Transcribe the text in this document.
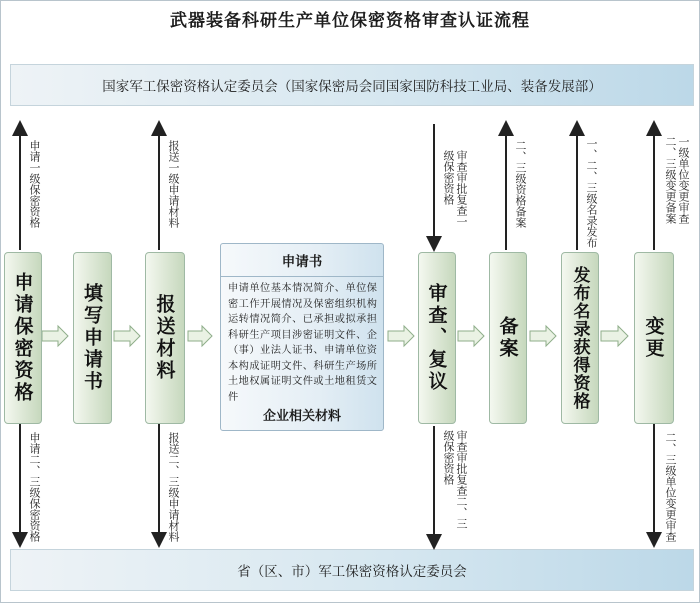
武器装备科研生产单位保密资格审查认证流程
国家军工保密资格认定委员会（国家保密局会同国家国防科技工业局、装备发展部）
省（区、市）军工保密资格认定委员会
申请保密资格	填写申请书	报送材料	审查、复议	备案	发布名录获得资格	变更
申请书
申请单位基本情况简介、单位保密工作开展情况及保密组织机构运转情况简介、已承担或拟承担科研生产项目涉密证明文件、企（事）业法人证书、申请单位资本构成证明文件、科研生产场所土地权属证明文件或土地租赁文件
企业相关材料
申请一级保密资格
申请二、三级保密资格
报送一级申请材料
报送二、三级申请材料
审查审批复查一级保密资格
审查审批复查二、三级保密资格
二、三级资格备案	一、二、三级名录发布	一级单位变更审查二、三级变更备案
二、三级单位变更审查
